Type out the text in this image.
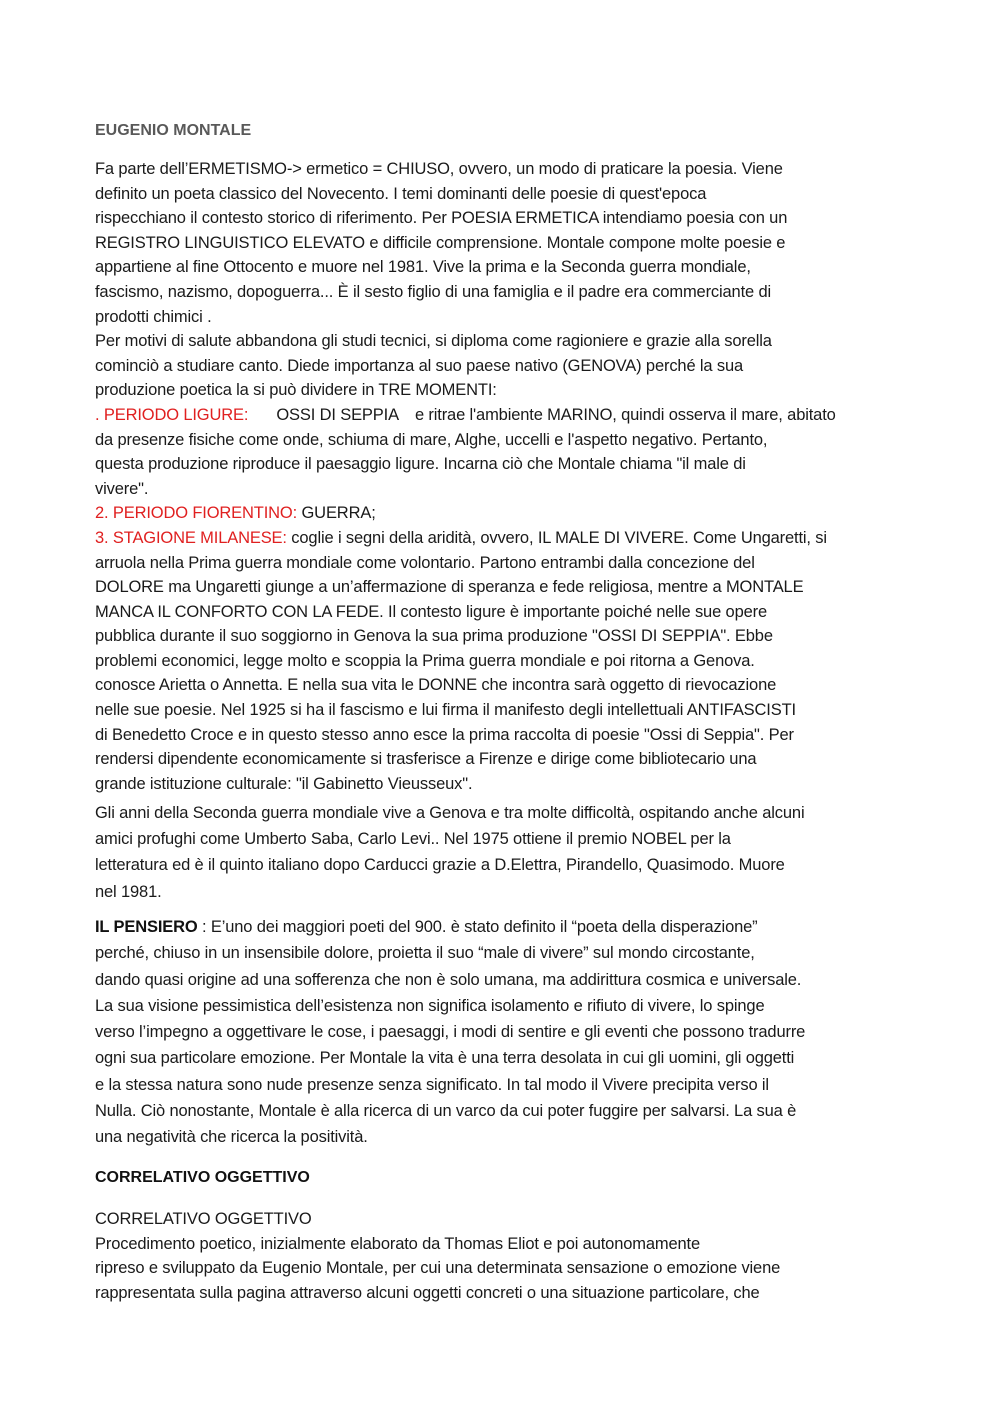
EUGENIO MONTALE
Fa parte dell’ERMETISMO-> ermetico = CHIUSO, ovvero, un modo di praticare la poesia. Viene
definito un poeta classico del Novecento. I temi dominanti delle poesie di quest'epoca
rispecchiano il contesto storico di riferimento. Per POESIA ERMETICA intendiamo poesia con un
REGISTRO LINGUISTICO ELEVATO e difficile comprensione. Montale compone molte poesie e
appartiene al fine Ottocento e muore nel 1981. Vive la prima e la Seconda guerra mondiale,
fascismo, nazismo, dopoguerra... È il sesto figlio di una famiglia e il padre era commerciante di
prodotti chimici .
Per motivi di salute abbandona gli studi tecnici, si diploma come ragioniere e grazie alla sorella
cominciò a studiare canto. Diede importanza al suo paese nativo (GENOVA) perché la sua
produzione poetica la si può dividere in TRE MOMENTI:
. PERIODO LIGURE: OSSI DI SEPPIA e ritrae l'ambiente MARINO, quindi osserva il mare, abitato
da presenze fisiche come onde, schiuma di mare, Alghe, uccelli e l'aspetto negativo. Pertanto,
questa produzione riproduce il paesaggio ligure. Incarna ciò che Montale chiama "il male di
vivere".
2. PERIODO FIORENTINO: GUERRA;
3. STAGIONE MILANESE: coglie i segni della aridità, ovvero, IL MALE DI VIVERE. Come Ungaretti, si
arruola nella Prima guerra mondiale come volontario. Partono entrambi dalla concezione del
DOLORE ma Ungaretti giunge a un’affermazione di speranza e fede religiosa, mentre a MONTALE
MANCA IL CONFORTO CON LA FEDE. Il contesto ligure è importante poiché nelle sue opere
pubblica durante il suo soggiorno in Genova la sua prima produzione "OSSI DI SEPPIA". Ebbe
problemi economici, legge molto e scoppia la Prima guerra mondiale e poi ritorna a Genova.
conosce Arietta o Annetta. E nella sua vita le DONNE che incontra sarà oggetto di rievocazione
nelle sue poesie. Nel 1925 si ha il fascismo e lui firma il manifesto degli intellettuali ANTIFASCISTI
di Benedetto Croce e in questo stesso anno esce la prima raccolta di poesie "Ossi di Seppia". Per
rendersi dipendente economicamente si trasferisce a Firenze e dirige come bibliotecario una
grande istituzione culturale: "il Gabinetto Vieusseux".
Gli anni della Seconda guerra mondiale vive a Genova e tra molte difficoltà, ospitando anche alcuni
amici profughi come Umberto Saba, Carlo Levi.. Nel 1975 ottiene il premio NOBEL per la
letteratura ed è il quinto italiano dopo Carducci grazie a D.Elettra, Pirandello, Quasimodo. Muore
nel 1981.
IL PENSIERO : E’uno dei maggiori poeti del 900. è stato definito il “poeta della disperazione”
perché, chiuso in un insensibile dolore, proietta il suo “male di vivere” sul mondo circostante,
dando quasi origine ad una sofferenza che non è solo umana, ma addirittura cosmica e universale.
La sua visione pessimistica dell’esistenza non significa isolamento e rifiuto di vivere, lo spinge
verso l’impegno a oggettivare le cose, i paesaggi, i modi di sentire e gli eventi che possono tradurre
ogni sua particolare emozione. Per Montale la vita è una terra desolata in cui gli uomini, gli oggetti
e la stessa natura sono nude presenze senza significato. In tal modo il Vivere precipita verso il
Nulla. Ciò nonostante, Montale è alla ricerca di un varco da cui poter fuggire per salvarsi. La sua è
una negatività che ricerca la positività.
CORRELATIVO OGGETTIVO
CORRELATIVO OGGETTIVO
Procedimento poetico, inizialmente elaborato da Thomas Eliot e poi autonomamente
ripreso e sviluppato da Eugenio Montale, per cui una determinata sensazione o emozione viene
rappresentata sulla pagina attraverso alcuni oggetti concreti o una situazione particolare, che
